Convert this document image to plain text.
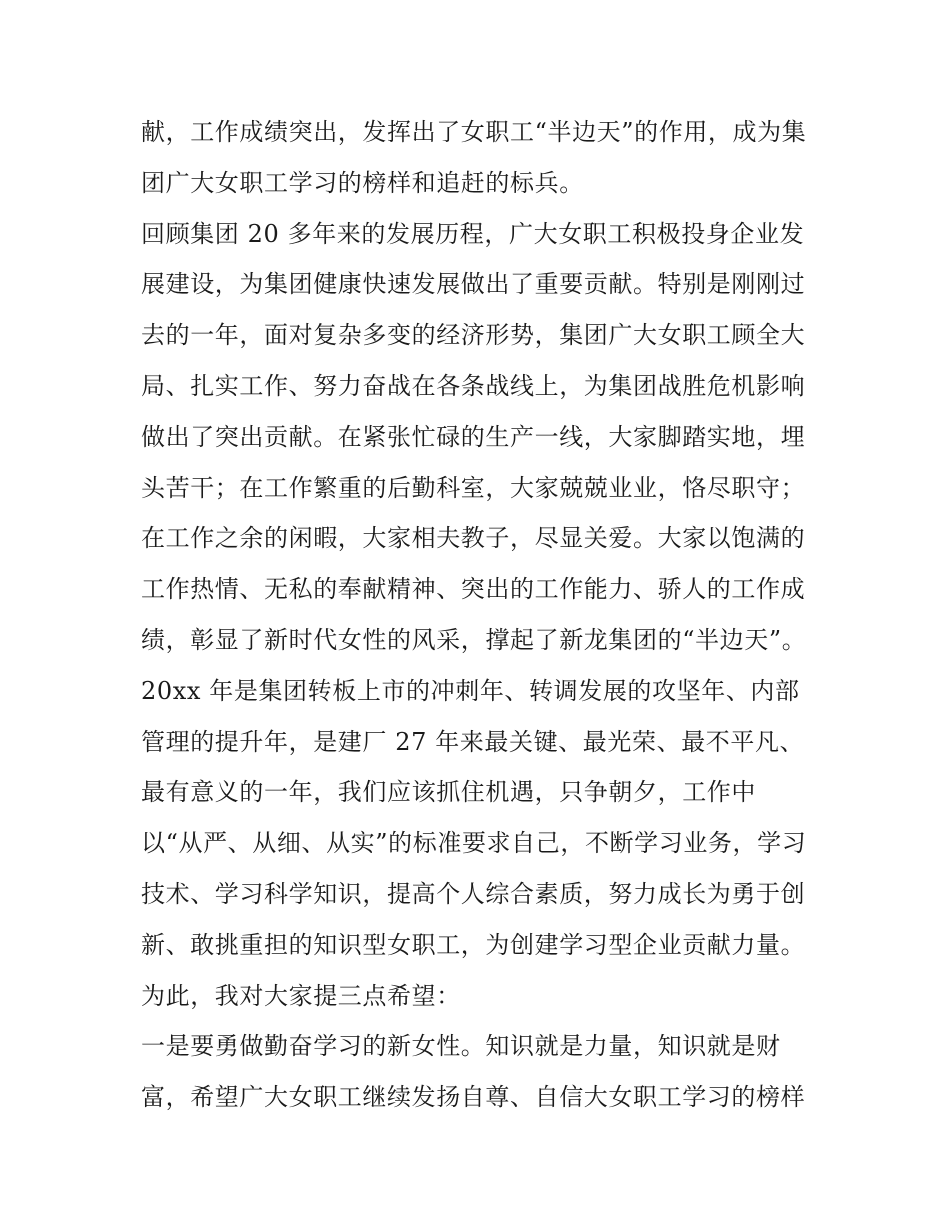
献，工作成绩突出，发挥出了女职工“半边天”的作用，成为集
团广大女职工学习的榜样和追赶的标兵。
回顾集团 20 多年来的发展历程，广大女职工积极投身企业发
展建设，为集团健康快速发展做出了重要贡献。特别是刚刚过
去的一年，面对复杂多变的经济形势，集团广大女职工顾全大
局、扎实工作、努力奋战在各条战线上，为集团战胜危机影响
做出了突出贡献。在紧张忙碌的生产一线，大家脚踏实地，埋
头苦干；在工作繁重的后勤科室，大家兢兢业业，恪尽职守；
在工作之余的闲暇，大家相夫教子，尽显关爱。大家以饱满的
工作热情、无私的奉献精神、突出的工作能力、骄人的工作成
绩，彰显了新时代女性的风采，撑起了新龙集团的“半边天”。
20xx 年是集团转板上市的冲刺年、转调发展的攻坚年、内部
管理的提升年，是建厂 27 年来最关键、最光荣、最不平凡、
最有意义的一年，我们应该抓住机遇，只争朝夕，工作中
以“从严、从细、从实”的标准要求自己，不断学习业务，学习
技术、学习科学知识，提高个人综合素质，努力成长为勇于创
新、敢挑重担的知识型女职工，为创建学习型企业贡献力量。
为此，我对大家提三点希望：
一是要勇做勤奋学习的新女性。知识就是力量，知识就是财
富，希望广大女职工继续发扬自尊、自信大女职工学习的榜样
